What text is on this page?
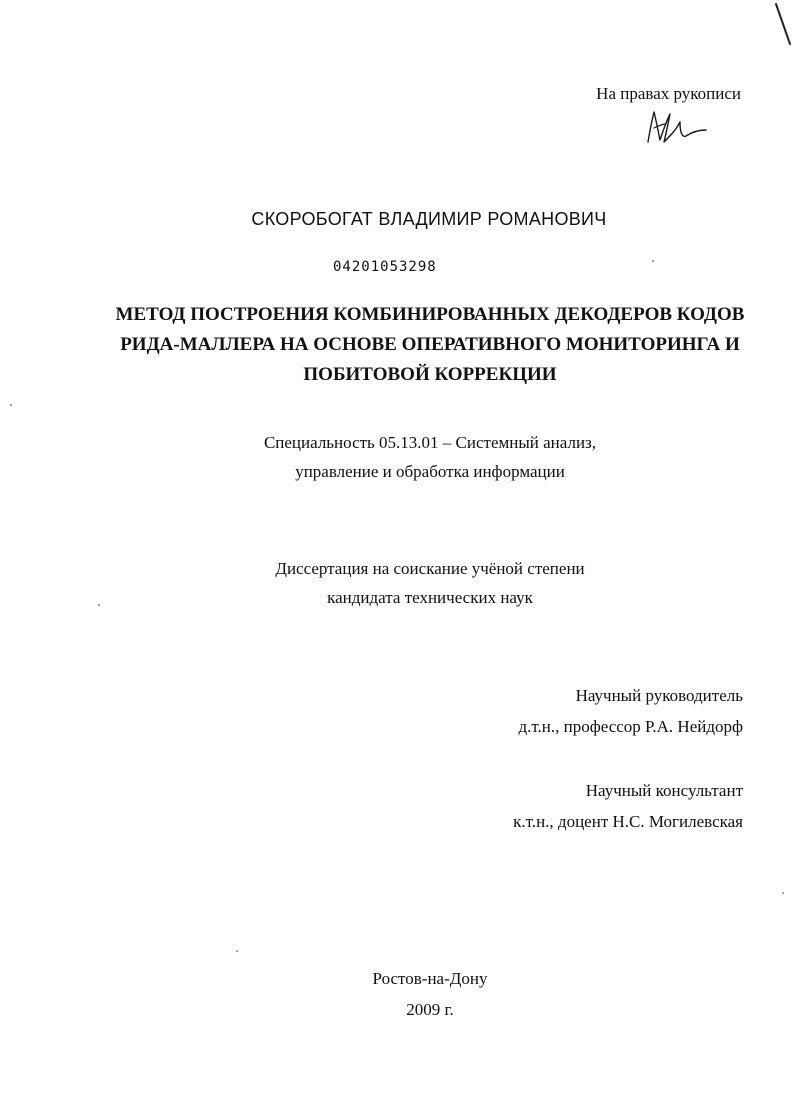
На правах рукописи
СКОРОБОГАТ ВЛАДИМИР РОМАНОВИЧ
04201053298
МЕТОД ПОСТРОЕНИЯ КОМБИНИРОВАННЫХ ДЕКОДЕРОВ КОДОВ
РИДА-МАЛЛЕРА НА ОСНОВЕ ОПЕРАТИВНОГО МОНИТОРИНГА И
ПОБИТОВОЙ КОРРЕКЦИИ
Специальность 05.13.01 – Системный анализ,
управление и обработка информации
Диссертация на соискание учёной степени
кандидата технических наук
Научный руководитель
д.т.н., профессор Р.А. Нейдорф
Научный консультант
к.т.н., доцент Н.С. Могилевская
Ростов-на-Дону
2009 г.
